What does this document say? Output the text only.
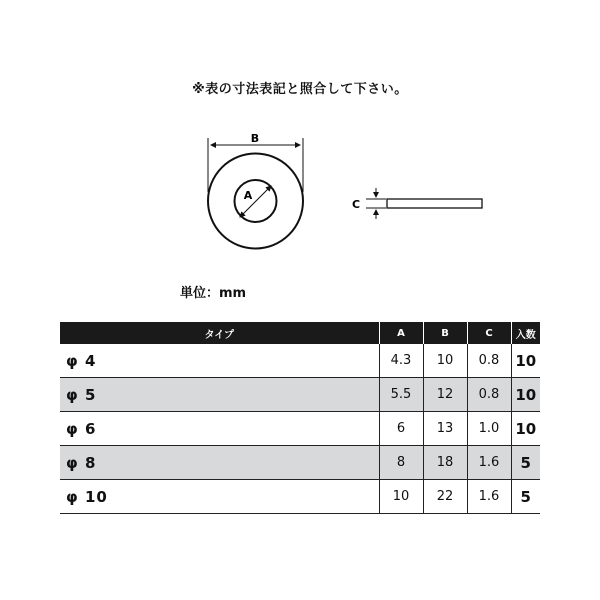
※表の寸法表記と照合して下さい。
B
A
C
単位：mm
タイプ	A	B	C	入数
φ 4	4.3	10	0.8	10
φ 5	5.5	12	0.8	10
φ 6	6	13	1.0	10
φ 8	8	18	1.6	5
φ 10	10	22	1.6	5
